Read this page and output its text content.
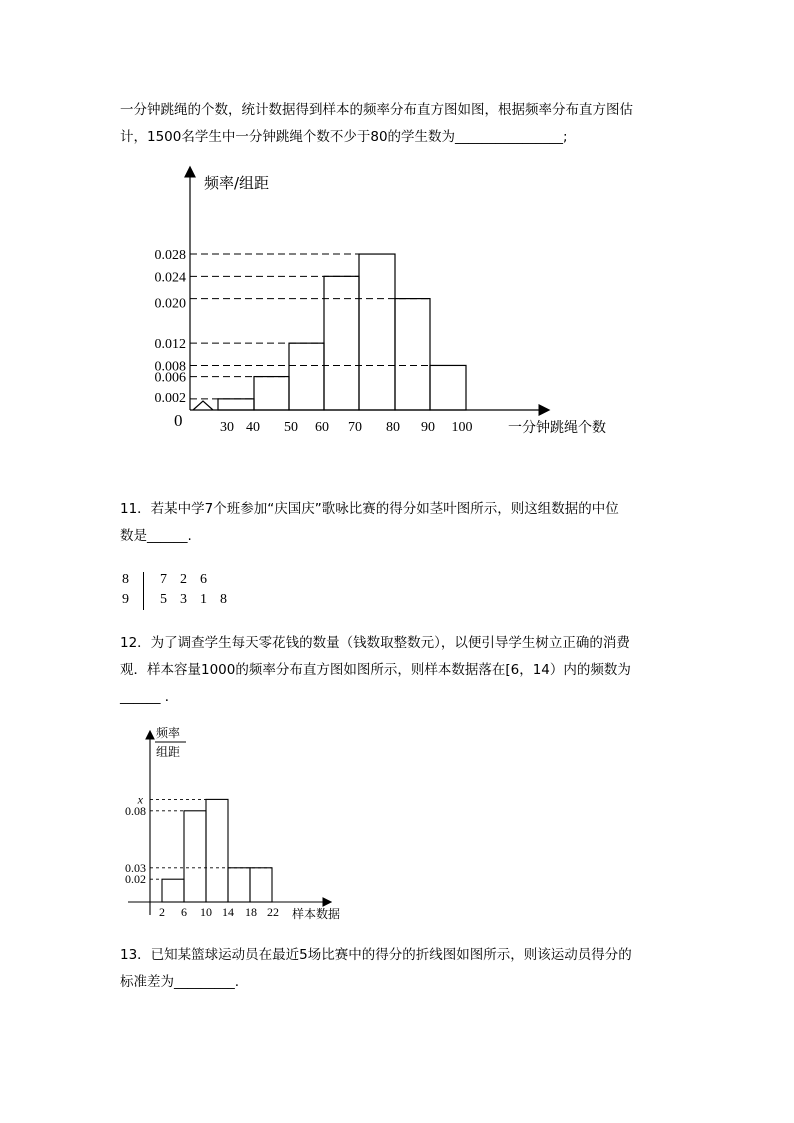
一分钟跳绳的个数，统计数据得到样本的频率分布直方图如图，根据频率分布直方图估
计，1500名学生中一分钟跳绳个数不少于80的学生数为________________;
频率/组距
一分钟跳绳个数
0
0.028
0.024
0.020
0.012
0.008
0.006
0.002
30 40 50 60 70 80 90 100
11．若某中学7个班参加“庆国庆”歌咏比赛的得分如茎叶图所示，则这组数据的中位
数是______.
8	7 2 6
9	5 3 1 8
12．为了调查学生每天零花钱的数量（钱数取整数元），以便引导学生树立正确的消费
观．样本容量1000的频率分布直方图如图所示，则样本数据落在[6，14）内的频数为
______ ．
频率
组距
样本数据
x
0.08
0.03
0.02
2 6 10 14 18 22
13．已知某篮球运动员在最近5场比赛中的得分的折线图如图所示，则该运动员得分的
标准差为_________.
